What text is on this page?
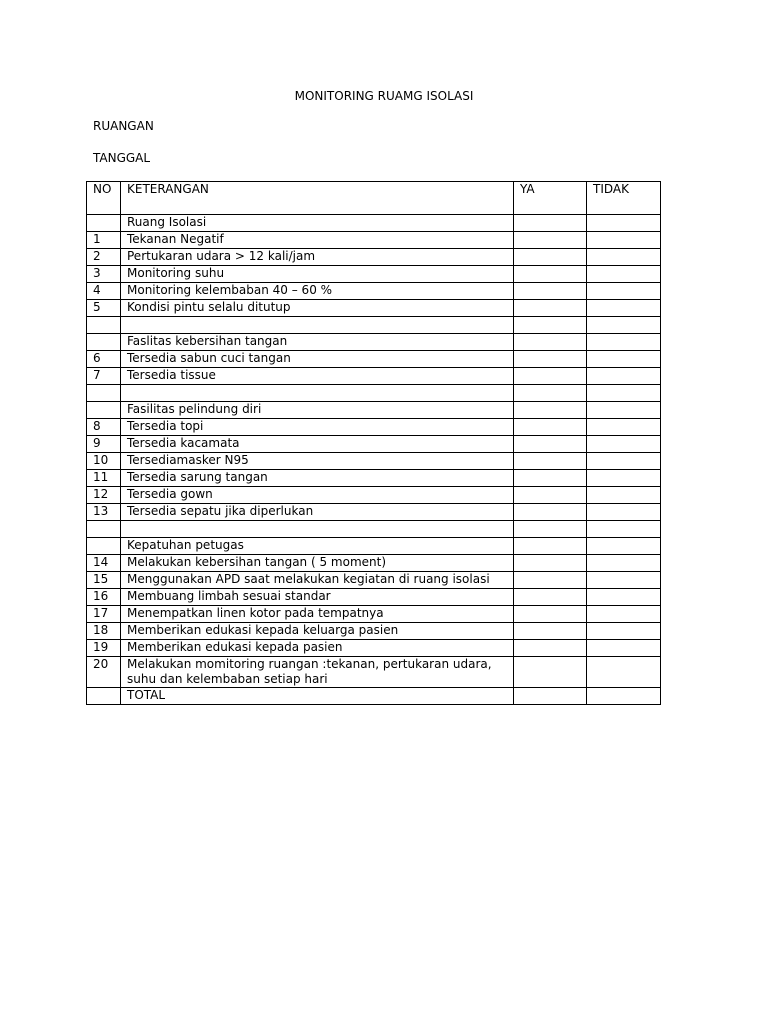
MONITORING RUAMG ISOLASI
RUANGAN
TANGGAL
NO	KETERANGAN	YA	TIDAK
	Ruang Isolasi		
1	Tekanan Negatif		
2	Pertukaran udara > 12 kali/jam		
3	Monitoring suhu		
4	Monitoring kelembaban 40 – 60 %		
5	Kondisi pintu selalu ditutup		

	Faslitas kebersihan tangan		
6	Tersedia sabun cuci tangan		
7	Tersedia tissue		

	Fasilitas pelindung diri		
8	Tersedia topi		
9	Tersedia kacamata		
10	Tersediamasker N95		
11	Tersedia sarung tangan		
12	Tersedia gown		
13	Tersedia sepatu jika diperlukan		

	Kepatuhan petugas		
14	Melakukan kebersihan tangan ( 5 moment)		
15	Menggunakan APD saat melakukan kegiatan di ruang isolasi		
16	Membuang limbah sesuai standar		
17	Menempatkan linen kotor pada tempatnya		
18	Memberikan edukasi kepada keluarga pasien		
19	Memberikan edukasi kepada pasien		
20	Melakukan momitoring ruangan :tekanan, pertukaran udara, suhu dan kelembaban setiap hari		
	TOTAL		
